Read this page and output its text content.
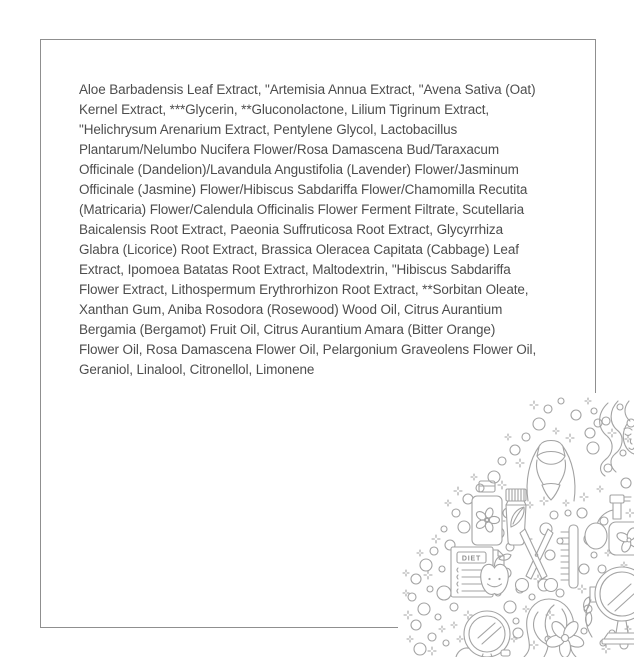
Aloe Barbadensis Leaf Extract, "Artemisia Annua Extract, "Avena Sativa (Oat)
Kernel Extract, ***Glycerin, **Gluconolactone, Lilium Tigrinum Extract,
"Helichrysum Arenarium Extract, Pentylene Glycol, Lactobacillus
Plantarum/Nelumbo Nucifera Flower/Rosa Damascena Bud/Taraxacum
Officinale (Dandelion)/Lavandula Angustifolia (Lavender) Flower/Jasminum
Officinale (Jasmine) Flower/Hibiscus Sabdariffa Flower/Chamomilla Recutita
(Matricaria) Flower/Calendula Officinalis Flower Ferment Filtrate, Scutellaria
Baicalensis Root Extract, Paeonia Suffruticosa Root Extract, Glycyrrhiza
Glabra (Licorice) Root Extract, Brassica Oleracea Capitata (Cabbage) Leaf
Extract, Ipomoea Batatas Root Extract, Maltodextrin, "Hibiscus Sabdariffa
Flower Extract, Lithospermum Erythrorhizon Root Extract, **Sorbitan Oleate,
Xanthan Gum, Aniba Rosodora (Rosewood) Wood Oil, Citrus Aurantium
Bergamia (Bergamot) Fruit Oil, Citrus Aurantium Amara (Bitter Orange)
Flower Oil, Rosa Damascena Flower Oil, Pelargonium Graveolens Flower Oil,
Geraniol, Linalool, Citronellol, Limonene
DIET
